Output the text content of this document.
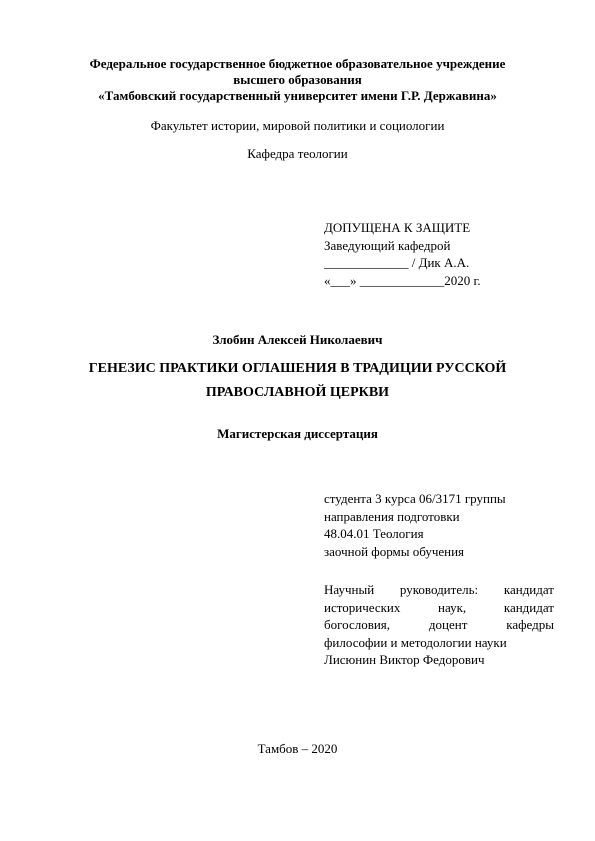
Федеральное государственное бюджетное образовательное учреждение
высшего образования
«Тамбовский государственный университет имени Г.Р. Державина»
Факультет истории, мировой политики и социологии
Кафедра теологии
ДОПУЩЕНА К ЗАЩИТЕ
Заведующий кафедрой
_____________ / Дик А.А.
«___» _____________2020 г.
Злобин Алексей Николаевич
ГЕНЕЗИС ПРАКТИКИ ОГЛАШЕНИЯ В ТРАДИЦИИ РУССКОЙ
ПРАВОСЛАВНОЙ ЦЕРКВИ
Магистерская диссертация
студента 3 курса 06/3171 группы
направления подготовки
48.04.01 Теология
заочной формы обучения
Научный руководитель: кандидат
исторических	наук,	кандидат
богословия,	доцент	кафедры
философии и методологии науки
Лисюнин Виктор Федорович
Тамбов – 2020
